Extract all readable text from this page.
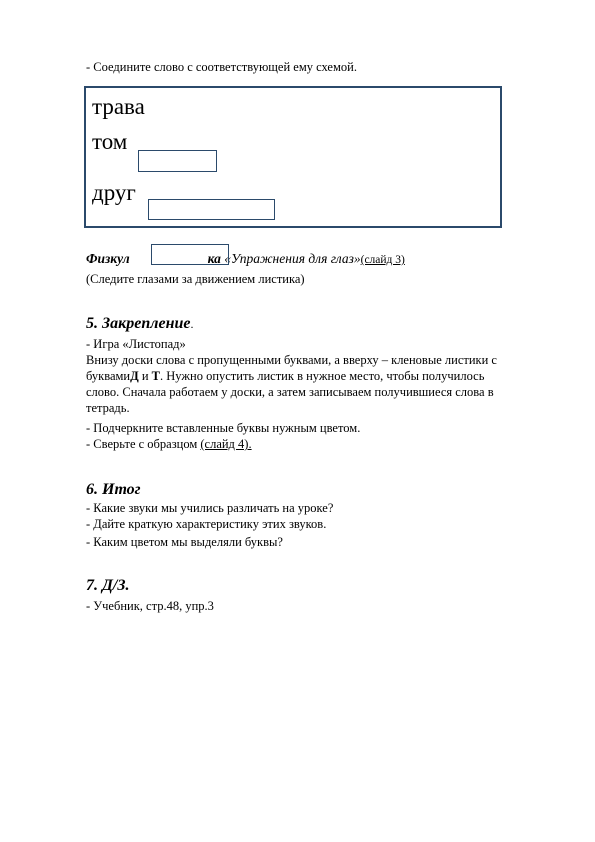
- Соедините слово с соответствующей ему схемой.
трава
том
друг
Физкул	ка «Упражнения для глаз»(слайд 3)
(Следите глазами за движением листика)
5. Закрепление.
- Игра «Листопад»
Внизу доски слова с пропущенными буквами, а вверху – кленовые листики с
буквамиД и Т. Нужно опустить листик в нужное место, чтобы получилось
слово. Сначала работаем у доски, а затем записываем получившиеся слова в
тетрадь.
- Подчеркните вставленные буквы нужным цветом.
- Сверьте с образцом (слайд 4).
6. Итог
- Какие звуки мы учились различать на уроке?
- Дайте краткую характеристику этих звуков.
- Каким цветом мы выделяли буквы?
7. Д/З.
- Учебник, стр.48, упр.3
